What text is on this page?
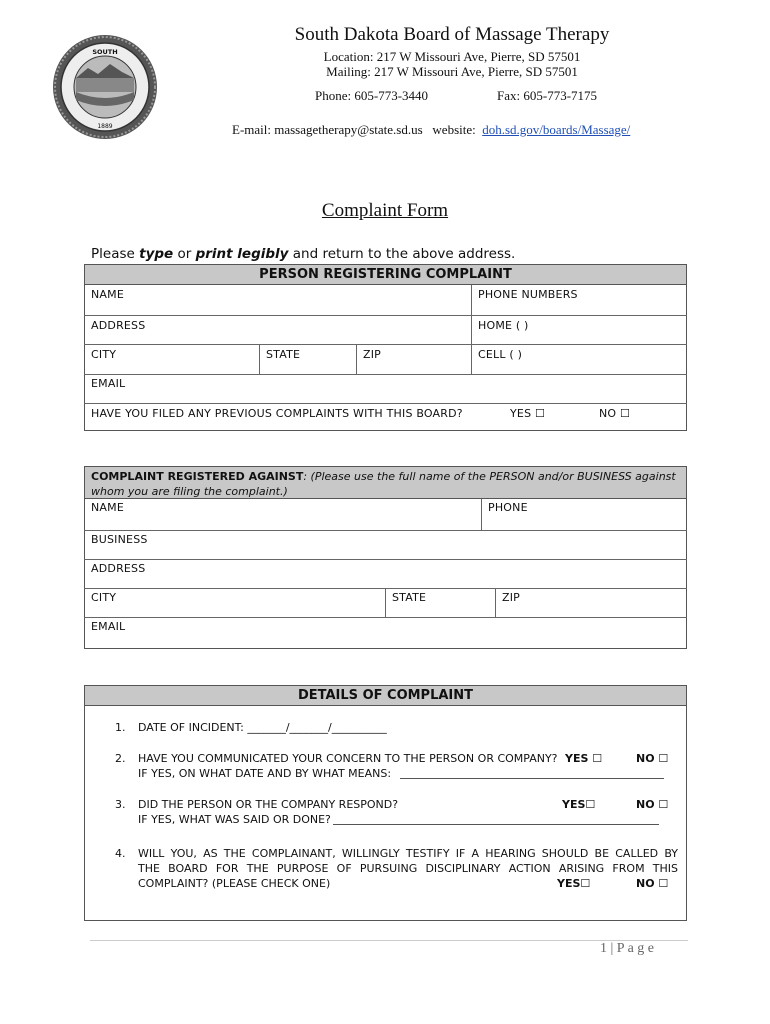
SOUTH
1889
South Dakota Board of Massage Therapy
Location: 217 W Missouri Ave, Pierre, SD 57501
Mailing: 217 W Missouri Ave, Pierre, SD 57501
Phone: 605-773-3440	Fax: 605-773-7175
E-mail: massagetherapy@state.sd.us website: doh.sd.gov/boards/Massage/
Complaint Form
Please type or print legibly and return to the above address.
PERSON REGISTERING COMPLAINT
NAME	PHONE NUMBERS
ADDRESS	HOME ( )
CITY	STATE	ZIP	CELL ( )
EMAIL
HAVE YOU FILED ANY PREVIOUS COMPLAINTS WITH THIS BOARD?	YES ☐	NO ☐
COMPLAINT REGISTERED AGAINST: (Please use the full name of the PERSON and/or BUSINESS against
whom you are filing the complaint.)
NAME	PHONE
BUSINESS
ADDRESS
CITY	STATE	ZIP
EMAIL
DETAILS OF COMPLAINT
1. DATE OF INCIDENT: _______/_______/__________
2. HAVE YOU COMMUNICATED YOUR CONCERN TO THE PERSON OR COMPANY? YES ☐	NO ☐
IF YES, ON WHAT DATE AND BY WHAT MEANS:
3. DID THE PERSON OR THE COMPANY RESPOND?	YES☐	NO ☐
IF YES, WHAT WAS SAID OR DONE?
4. WILL YOU, AS THE COMPLAINANT, WILLINGLY TESTIFY IF A HEARING SHOULD BE CALLED BY
THE BOARD FOR THE PURPOSE OF PURSUING DISCIPLINARY ACTION ARISING FROM THIS
COMPLAINT? (PLEASE CHECK ONE)	YES☐	NO ☐
1 | P a g e
